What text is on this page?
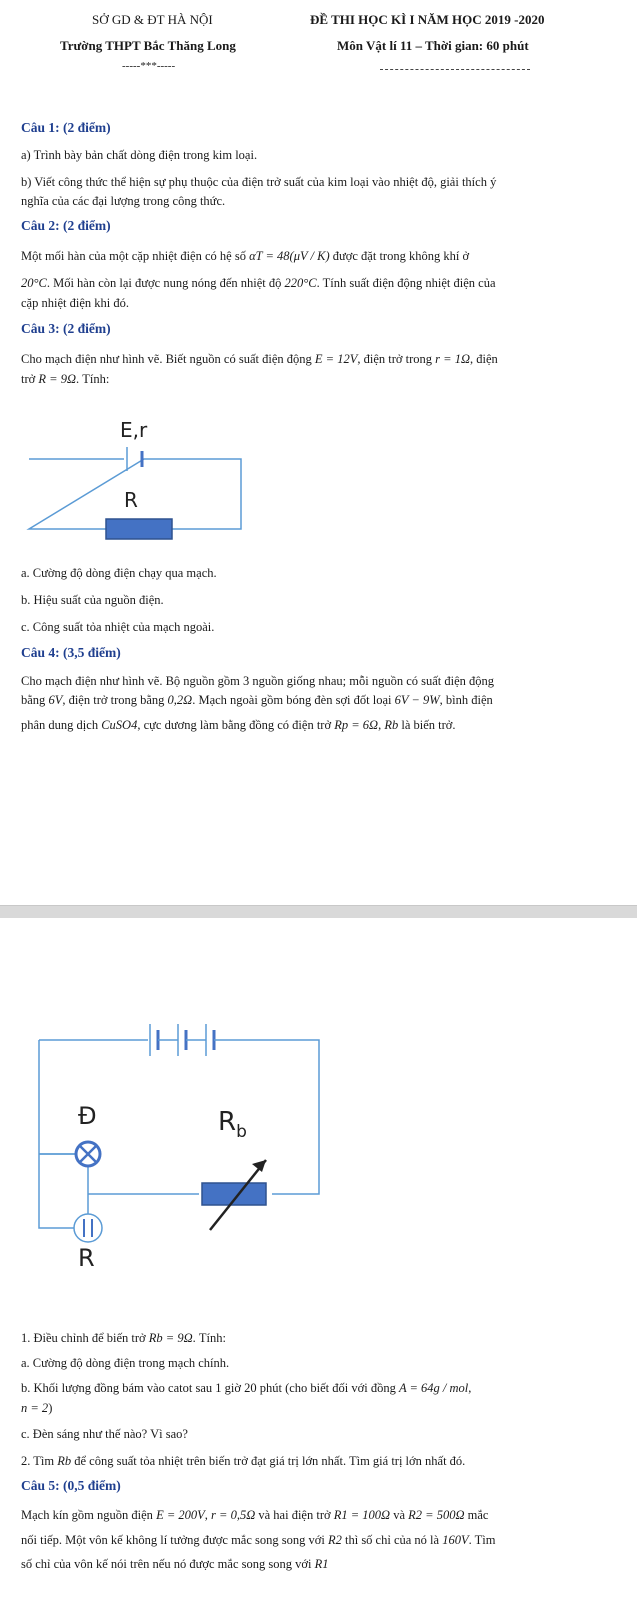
SỞ GD & ĐT HÀ NỘI
Trường THPT Bắc Thăng Long
-----***-----
ĐỀ THI HỌC KÌ I NĂM HỌC 2019 -2020
Môn Vật lí 11 – Thời gian: 60 phút
Câu 1: (2 điểm)
a) Trình bày bản chất dòng điện trong kim loại.
b) Viết công thức thể hiện sự phụ thuộc của điện trở suất của kim loại vào nhiệt độ, giải thích ý
nghĩa của các đại lượng trong công thức.
Câu 2: (2 điểm)
Một mối hàn của một cặp nhiệt điện có hệ số αT = 48(μV / K) được đặt trong không khí ở
20°C. Mối hàn còn lại được nung nóng đến nhiệt độ 220°C. Tính suất điện động nhiệt điện của
cặp nhiệt điện khi đó.
Câu 3: (2 điểm)
Cho mạch điện như hình vẽ. Biết nguồn có suất điện động E = 12V, điện trở trong r = 1Ω, điện
trở R = 9Ω. Tính:
E,r
R
a. Cường độ dòng điện chạy qua mạch.
b. Hiệu suất của nguồn điện.
c. Công suất tỏa nhiệt của mạch ngoài.
Câu 4: (3,5 điểm)
Cho mạch điện như hình vẽ. Bộ nguồn gồm 3 nguồn giống nhau; mỗi nguồn có suất điện động
bằng 6V, điện trở trong bằng 0,2Ω. Mạch ngoài gồm bóng đèn sợi đốt loại 6V − 9W, bình điện
phân dung dịch CuSO4, cực dương làm bằng đồng có điện trở Rp = 6Ω, Rb là biến trở.
Đ
R
$R_b$
1. Điều chỉnh để biến trở Rb = 9Ω. Tính:
a. Cường độ dòng điện trong mạch chính.
b. Khối lượng đồng bám vào catot sau 1 giờ 20 phút (cho biết đối với đồng A = 64g / mol,
n = 2)
c. Đèn sáng như thế nào? Vì sao?
2. Tìm Rb để công suất tỏa nhiệt trên biến trở đạt giá trị lớn nhất. Tìm giá trị lớn nhất đó.
Câu 5: (0,5 điểm)
Mạch kín gồm nguồn điện E = 200V, r = 0,5Ω và hai điện trở R1 = 100Ω và R2 = 500Ω mắc
nối tiếp. Một vôn kế không lí tưởng được mắc song song với R2 thì số chỉ của nó là 160V. Tìm
số chỉ của vôn kế nói trên nếu nó được mắc song song với R1
